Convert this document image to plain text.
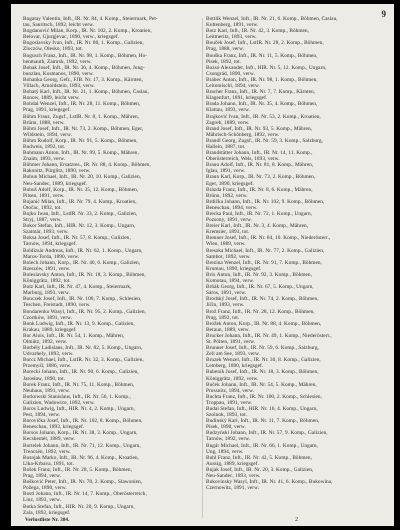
9
Bogatay Valentin, Inft., IR. Nr. 84, 4. Komp., Steiermark, Pet-
tau, Sauritsch, 1892, leicht verw.
Bogdanović Milan, Korp., IR. Nr. 102, 2. Komp., Kroatien,
Belovar, Gjurgjevac, 1890, verw., kriegsgef.
Bogoslavsky Ivan, Inft., IR. Nr. 80, 1. Komp., Galizien,
Zloczów, Olesko, 1893, tot.
Bogusch Franz, Inft., IR. Nr. 98, 1. Komp., Böhmen, Ho-
henmauth, Zamrsk, 1892, verw.
Bohak Josef, Inft., IR. Nr. 36, 4. Komp., Böhmen, Jung-
bunzlau, Kosmanos, 1890, verw.
Bohanka Georg, Gefr., FJB. Nr. 17, 3. Komp., Kärnten,
Villach, Arnoldstein, 1893, verw.
Bohatý Karl, Inft., IR. Nr. 21, 1. Komp., Böhmen, Časlau,
Ronow, 1889, leicht verw.
Bohdal Wenzel, Inft., IR. Nr. 28, 11. Komp., Böhmen,
Prag, 1891, kriegsgef.
Böhm Franz, Zugsf., LstIR. Nr. 8, 1. Komp., Mähren,
Brünn, 1888, verw.
Böhm Josef, Inft., IR. Nr. 73, 2. Komp., Böhmen, Eger,
Wildstein, 1894, verw.
Böhm Rudolf, Korp., IR. Nr. 91, 5. Komp., Böhmen,
Budweis, 1892, tot.
Bohmann Anton, Inft., IR. Nr. 99, 5. Komp., Mähren,
Znaim, 1893, verw.
Böhmer Johann, Ersatzres., IR. Nr. 88, 4. Komp., Böhmen,
Rakonitz, Pürglitz, 1890, verw.
Bohun Michael, Inft., IR. Nr. 20, 10. Komp., Galizien,
Neu-Sandec, 1889, kriegsgef.
Bohuš Adolf, Korp., IR. Nr. 35, 12. Komp., Böhmen,
Pilsen, 1891, verw.
Bojanić Milan, Inft., IR. Nr. 79, 4. Komp., Kroatien,
Otočac, 1892, tot.
Bojko Iwan, Inft., LstIR. Nr. 33, 2. Komp., Galizien,
Stryj, 1887, verw.
Bokor Stefan, Inft., HIR. Nr. 12, 3. Komp., Ungarn,
Szatmár, 1893, verw.
Boksa Josef, Inft., IR. Nr. 57, 8. Komp., Galizien,
Tarnów, 1894, kriegsgef.
Boldizsár Andreas, Inft., IR. Nr. 62, 1. Komp., Ungarn,
Maros-Torda, 1890, verw.
Bolech Johann, Korp., IR. Nr. 40, 6. Komp., Galizien,
Rzeszów, 1891, verw.
Boleslavsky Anton, Inft., IR. Nr. 18, 3. Komp., Böhmen,
Königgrätz, 1892, tot.
Bolz Karl, Inft., IR. Nr. 47, 4. Komp., Steiermark,
Marburg, 1893, verw.
Bonczek Josef, Inft., IR. Nr. 100, 7. Komp., Schlesien,
Teschen, Freistadt, 1890, verw.
Bondarenko Wasyl, Inft., IR. Nr. 95, 2. Komp., Galizien,
Czortków, 1891, verw.
Bonk Ludwig, Inft., IR. Nr. 13, 9. Komp., Galizien,
Krakau, 1889, kriegsgef.
Bor Alois, Inft., IR. Nr. 54, 1. Komp., Mähren,
Olmütz, 1892, verw.
Borbély Ladislaus, Inft., IR. Nr. 82, 5. Komp., Ungarn,
Udvarhely, 1893, verw.
Borcz Michael, Inft., LstIR. Nr. 32, 3. Komp., Galizien,
Przemyśl, 1886, verw.
Borecki Johann, Inft., IR. Nr. 90, 6. Komp., Galizien,
Jarosław, 1890, tot.
Borek Franz, Inft., IR. Nr. 75, 11. Komp., Böhmen,
Neuhaus, 1891, verw.
Borkowski Stanislaus, Inft., IR. Nr. 56, 1. Komp.,
Galizien, Wadowice, 1892, verw.
Boros Ludwig, Inft., HIR. Nr. 4, 2. Komp., Ungarn,
Pest, 1894, verw.
Borovička Josef, Inft., IR. Nr. 102, 8. Komp., Böhmen,
Beneschau, 1893, kriegsgef.
Borsos Johann, Korp., IR. Nr. 38, 3. Komp., Ungarn,
Kecskemét, 1889, verw.
Bortelek Johann, Inft., IR. Nr. 71, 12. Komp., Ungarn,
Trencsén, 1892, verw.
Bosnjak Marko, Inft., IR. Nr. 96, 4. Komp., Kroatien,
Lika-Krbava, 1891, tot.
Bošek Franz, Inft., IR. Nr. 28, 5. Komp., Böhmen,
Prag, 1894, verw.
Bošković Peter, Inft., IR. Nr. 78, 2. Komp., Slawonien,
Požega, 1890, verw.
Bostl Johann, Inft., IR. Nr. 14, 7. Komp., Oberösterreich,
Linz, 1893, verw.
Botka Stefan, Inft., HIR. Nr. 20, 9. Komp., Ungarn,
Zala, 1892, kriegsgef.
Bottlik Wenzel, Inft., IR. Nr. 21, 6. Komp., Böhmen, Časlau,
Kuttenberg, 1891, verw.
Botz Karl, Inft., IR. Nr. 42, 3. Komp., Böhmen,
Leitmeritz, 1893, verw.
Bouček Josef, Inft., LstIR. Nr. 28, 2. Komp., Böhmen,
Prag, 1888, verw.
Bouška Franz, Inft., IR. Nr. 11, 5. Komp., Böhmen,
Pisek, 1892, tot.
Bozsó Alexander, Inft., HIR. Nr. 5, 12. Komp., Ungarn,
Csongrád, 1890, verw.
Brabec Anton, Inft., IR. Nr. 98, 1. Komp., Böhmen,
Leitomischl, 1894, verw.
Bracher Franz, Inft., IR. Nr. 7, 7. Komp., Kärnten,
Klagenfurt, 1891, kriegsgef.
Brada Johann, Inft., IR. Nr. 35, 4. Komp., Böhmen,
Klattau, 1893, verw.
Brajković Ivan, Inft., IR. Nr. 53, 2. Komp., Kroatien,
Zagreb, 1889, verw.
Brand Josef, Inft., IR. Nr. 93, 5. Komp., Mähren,
Mährisch-Schönberg, 1892, verw.
Brandl Georg, Zugsf., IR. Nr. 59, 3. Komp., Salzburg,
Hallein, 1887, tot.
Brandstätter Johann, Inft., IR. Nr. 14, 11. Komp.,
Oberösterreich, Wels, 1893, verw.
Braun Adolf, Inft., IR. Nr. 81, 8. Komp., Mähren,
Iglau, 1891, verw.
Braun Karl, Korp., IR. Nr. 73, 2. Komp., Böhmen,
Eger, 1890, kriegsgef.
Brázda Franz, Inft., IR. Nr. 8, 6. Komp., Mähren,
Brünn, 1892, verw.
Brdička Johann, Inft., IR. Nr. 102, 9. Komp., Böhmen,
Beneschau, 1894, verw.
Brecka Paul, Inft., IR. Nr. 72, 1. Komp., Ungarn,
Pozsony, 1891, verw.
Breier Karl, Inft., IR. Nr. 3, 4. Komp., Mähren,
Kremsier, 1893, tot.
Brenner Josef, Inft., IR. Nr. 84, 10. Komp., Niederösterr.,
Wien, 1889, verw.
Breszka Michael, Inft., IR. Nr. 77, 2. Komp., Galizien,
Sambor, 1892, verw.
Brezina Wenzel, Inft., IR. Nr. 91, 7. Komp., Böhmen,
Krumau, 1890, kriegsgef.
Brix Anton, Inft., IR. Nr. 92, 3. Komp., Böhmen,
Komotau, 1894, verw.
Brňák Georg, Inft., IR. Nr. 67, 5. Komp., Ungarn,
Sáros, 1891, verw.
Brodský Josef, Inft., IR. Nr. 74, 2. Komp., Böhmen,
Jičín, 1893, verw.
Brož Franz, Inft., IR. Nr. 28, 12. Komp., Böhmen,
Prag, 1892, tot.
Brožek Anton, Korp., IR. Nr. 88, 4. Komp., Böhmen,
Beraun, 1889, verw.
Brucker Johann, Inft., IR. Nr. 49, 1. Komp., Niederösterr.,
St. Pölten, 1891, verw.
Brunner Josef, Inft., IR. Nr. 59, 6. Komp., Salzburg,
Zell am See, 1893, verw.
Bruzek Wenzel, Inft., IR. Nr. 30, 8. Komp., Galizien,
Lemberg, 1890, kriegsgef.
Bubeník Josef, Inft., IR. Nr. 18, 3. Komp., Böhmen,
Königgrätz, 1892, verw.
Buček Johann, Inft., IR. Nr. 54, 5. Komp., Mähren,
Prossnitz, 1894, verw.
Buchta Franz, Inft., IR. Nr. 100, 2. Komp., Schlesien,
Troppau, 1891, verw.
Budai Stefan, Inft., HIR. Nr. 16, 4. Komp., Ungarn,
Szolnok, 1893, tot.
Budinský Karl, Inft., IR. Nr. 11, 7. Komp., Böhmen,
Písek, 1890, verw.
Budzyński Johann, Inft., IR. Nr. 57, 9. Komp., Galizien,
Tarnów, 1892, verw.
Bugár Michael, Inft., IR. Nr. 66, 1. Komp., Ungarn,
Ung, 1894, verw.
Buhl Franz, Inft., IR. Nr. 42, 5. Komp., Böhmen,
Aussig, 1889, kriegsgef.
Bujak Josef, Inft., IR. Nr. 20, 3. Komp., Galizien,
Neu-Sandec, 1893, verw.
Bukovinsky Wasyl, Inft., IR. Nr. 41, 6. Komp., Bukowina,
Czernowitz, 1891, verw.
Verlustliste Nr. 384.	2
